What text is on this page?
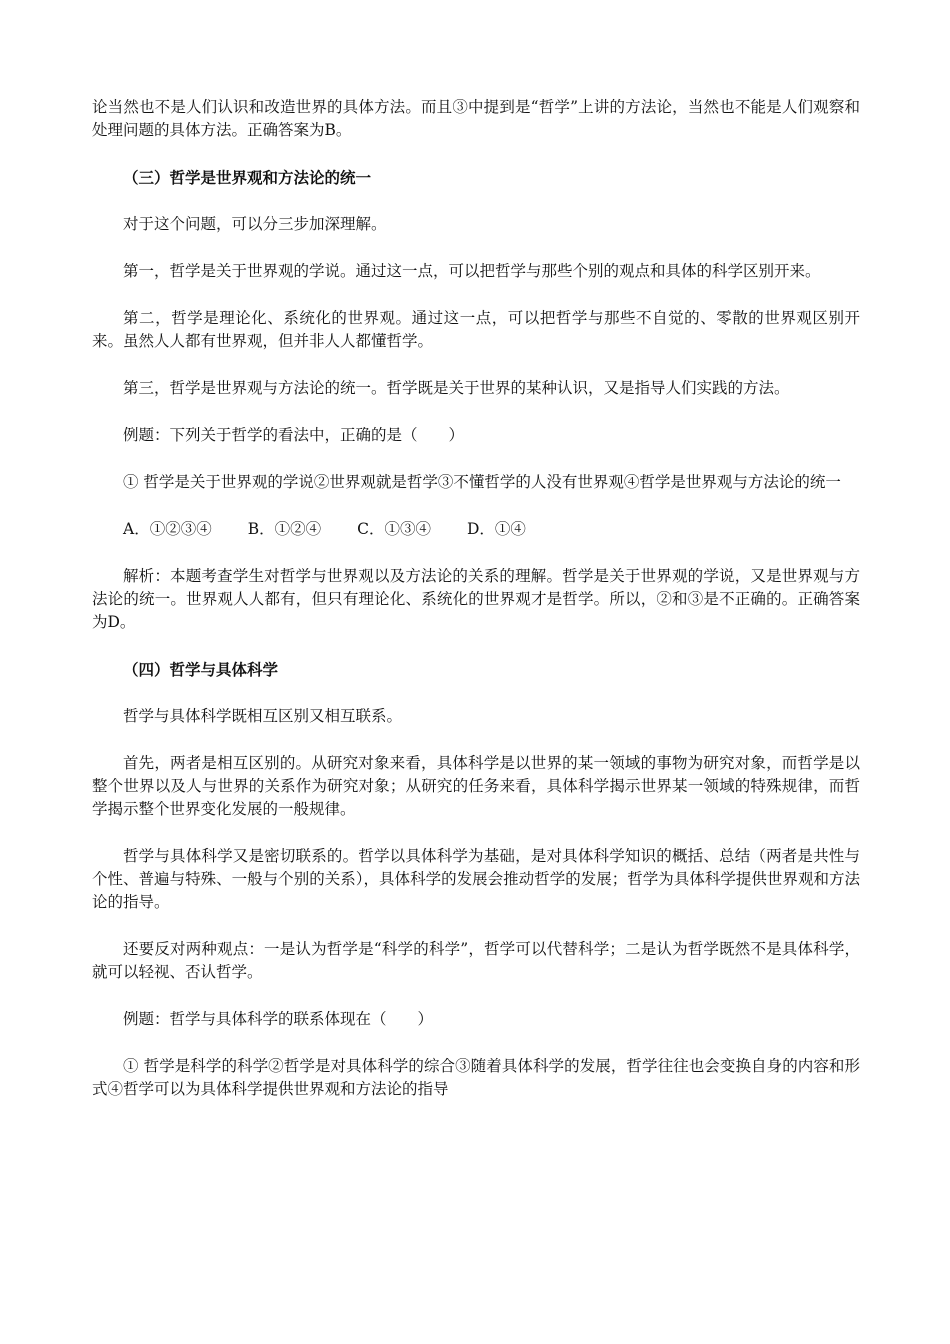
论当然也不是人们认识和改造世界的具体方法。而且③中提到是“哲学”上讲的方法论，当然也不能是人们观察和处理问题的具体方法。正确答案为B。

（三）哲学是世界观和方法论的统一

对于这个问题，可以分三步加深理解。

第一，哲学是关于世界观的学说。通过这一点，可以把哲学与那些个别的观点和具体的科学区别开来。

第二，哲学是理论化、系统化的世界观。通过这一点，可以把哲学与那些不自觉的、零散的世界观区别开来。虽然人人都有世界观，但并非人人都懂哲学。

第三，哲学是世界观与方法论的统一。哲学既是关于世界的某种认识，又是指导人们实践的方法。

例题：下列关于哲学的看法中，正确的是（　　）

① 哲学是关于世界观的学说②世界观就是哲学③不懂哲学的人没有世界观④哲学是世界观与方法论的统一

A．①②③④ B．①②④ C．①③④ D．①④

解析：本题考查学生对哲学与世界观以及方法论的关系的理解。哲学是关于世界观的学说，又是世界观与方法论的统一。世界观人人都有，但只有理论化、系统化的世界观才是哲学。所以，②和③是不正确的。正确答案为D。

（四）哲学与具体科学

哲学与具体科学既相互区别又相互联系。

首先，两者是相互区别的。从研究对象来看，具体科学是以世界的某一领域的事物为研究对象，而哲学是以整个世界以及人与世界的关系作为研究对象；从研究的任务来看，具体科学揭示世界某一领域的特殊规律，而哲学揭示整个世界变化发展的一般规律。

哲学与具体科学又是密切联系的。哲学以具体科学为基础，是对具体科学知识的概括、总结（两者是共性与个性、普遍与特殊、一般与个别的关系），具体科学的发展会推动哲学的发展；哲学为具体科学提供世界观和方法论的指导。

还要反对两种观点：一是认为哲学是“科学的科学”，哲学可以代替科学；二是认为哲学既然不是具体科学，就可以轻视、否认哲学。

例题：哲学与具体科学的联系体现在（　　）

① 哲学是科学的科学②哲学是对具体科学的综合③随着具体科学的发展，哲学往往也会变换自身的内容和形式④哲学可以为具体科学提供世界观和方法论的指导
